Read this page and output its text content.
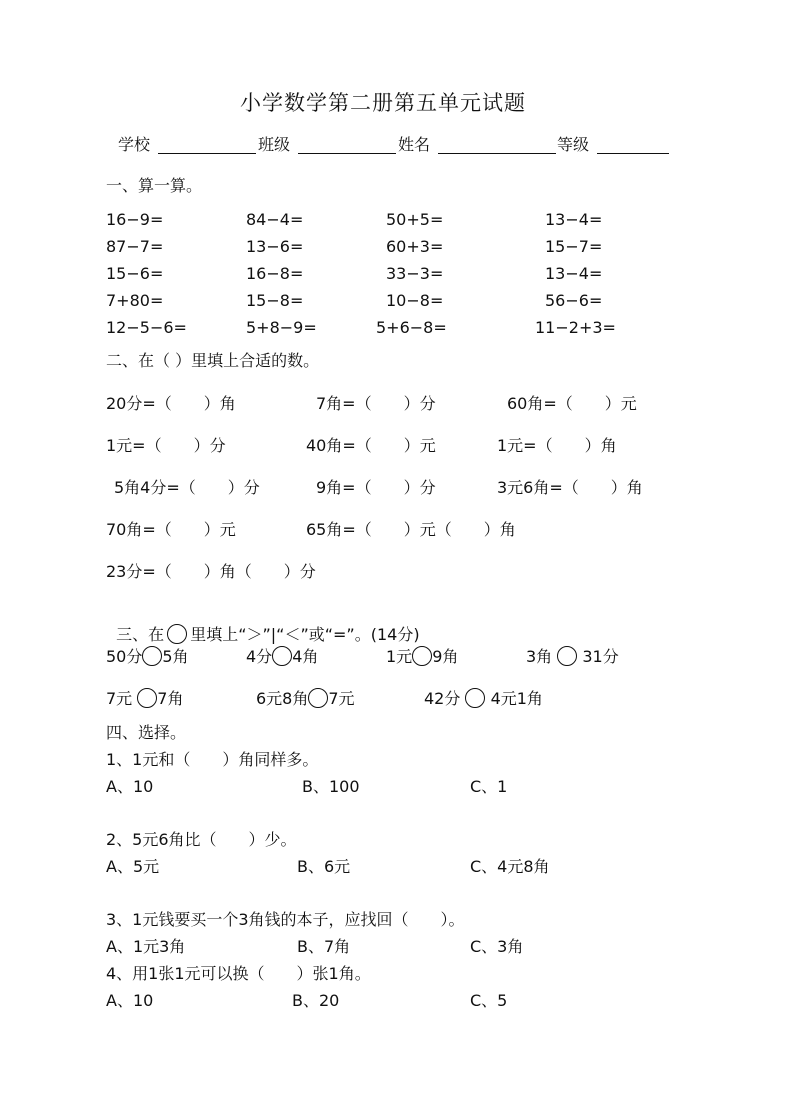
小学数学第二册第五单元试题
学校	班级	姓名	等级
一、算一算。
16−9=	84−4=	50+5=	13−4=
87−7=	13−6=	60+3=	15−7=
15−6=	16−8=	33−3=	13−4=
7+80=	15−8=	10−8=	56−6=
12−5−6=	5+8−9=	5+6−8=	11−2+3=
二、在（ ）里填上合适的数。
20分=（　　）角	7角=（　　）分	60角=（　　）元
1元=（　　）分	40角=（　　）元	1元=（　　）角
5角4分=（　　）分	9角=（　　）分	3元6角=（　　）角
70角=（　　）元	65角=（　　）元（　　）角
23分=（　　）角（　　）分

三、在 里填上“＞”|“＜”或“=”。(14分)

50分 5角	4分 4角	1元 9角	3角 31分
7元 7角	6元8角 7元	42分 4元1角
四、选择。
1、1元和（　　）角同样多。
A、10	B、100	C、1
2、5元6角比（　　）少。
A、5元	B、6元	C、4元8角
3、1元钱要买一个3角钱的本子，应找回（　　）。
A、1元3角	B、7角	C、3角
4、用1张1元可以换（　　）张1角。
A、10	B、20	C、5
